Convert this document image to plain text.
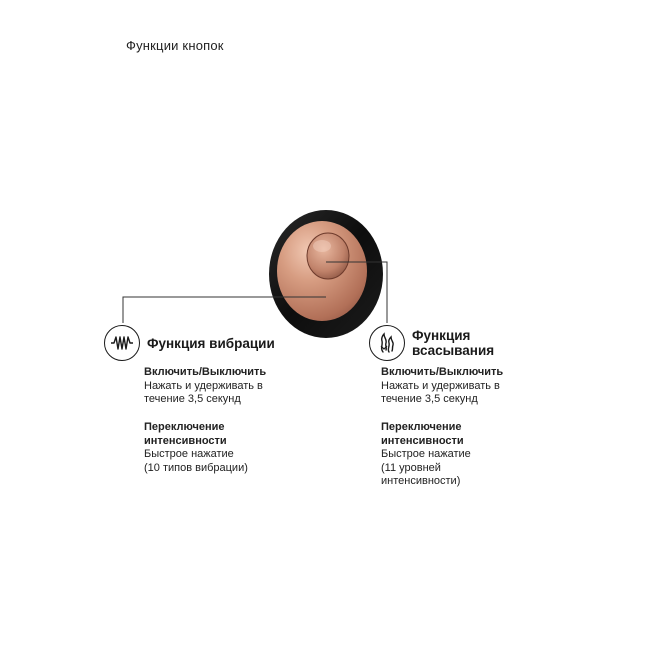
Функции кнопок
Функция вибрации
Включить/Выключить
Нажать и удерживать в
течение 3,5 секунд
Переключение
интенсивности
Быстрое нажатие
(10 типов вибрации)
Функция
всасывания
Включить/Выключить
Нажать и удерживать в
течение 3,5 секунд
Переключение
интенсивности
Быстрое нажатие
(11 уровней
интенсивности)
